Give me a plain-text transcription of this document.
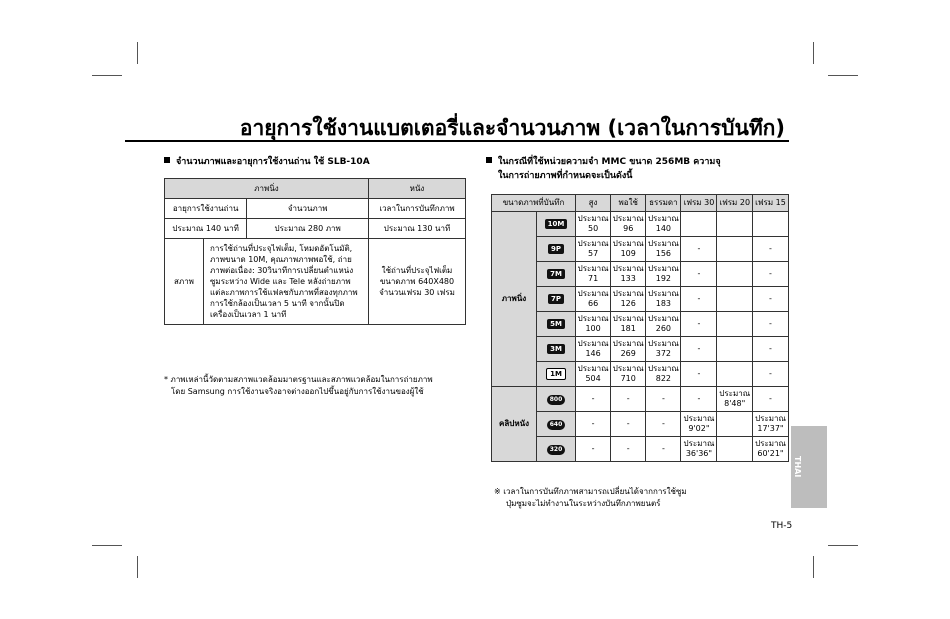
อายุการใช้งานแบตเตอรี่และจำนวนภาพ (เวลาในการบันทึก)
จำนวนภาพและอายุการใช้งานถ่าน ใช้ SLB-10A
ภาพนิ่ง			หนัง
อายุการใช้งานถ่าน		จำนวนภาพ	เวลาในการบันทึกภาพ
ประมาณ 140 นาที		ประมาณ 280 ภาพ	ประมาณ 130 นาที
สภาพ	การใช้ถ่านที่ประจุไฟเต็ม, โหมดอัตโนมัติ, ภาพขนาด 10M, คุณภาพภาพพอใช้, ถ่ายภาพต่อเนื่อง: 30วินาทีการเปลี่ยนตำแหน่งซูมระหว่าง Wide และ Tele หลังถ่ายภาพแต่ละภาพการใช้แฟลชกับภาพที่สองทุกภาพการใช้กล้องเป็นเวลา 5 นาที จากนั้นปิดเครื่องเป็นเวลา 1 นาที		ใช้ถ่านที่ประจุไฟเต็ม ขนาดภาพ 640X480 จำนวนเฟรม 30 เฟรม
* ภาพเหล่านี้วัดตามสภาพแวดล้อมมาตรฐานและสภาพแวดล้อมในการถ่ายภาพ
โดย Samsung การใช้งานจริงอาจต่างออกไปขึ้นอยู่กับการใช้งานของผู้ใช้
ในกรณีที่ใช้หน่วยความจำ MMC ขนาด 256MB ความจุ
ในการถ่ายภาพที่กำหนดจะเป็นดังนี้
ขนาดภาพที่บันทึก		สูง	พอใช้	ธรรมดา	เฟรม 30	เฟรม 20	เฟรม 15
ภาพนิ่ง	10M	ประมาณ 50	ประมาณ 96	ประมาณ 140			
	9P	ประมาณ 57	ประมาณ 109	ประมาณ 156	-		-
	7M	ประมาณ 71	ประมาณ 133	ประมาณ 192	-		-
	7P	ประมาณ 66	ประมาณ 126	ประมาณ 183	-		-
	5M	ประมาณ 100	ประมาณ 181	ประมาณ 260	-		-
	3M	ประมาณ 146	ประมาณ 269	ประมาณ 372	-		-
	1M	ประมาณ 504	ประมาณ 710	ประมาณ 822	-		-
คลิปหนัง	800	-	-	-	-	ประมาณ 8'48"	-
	640	-	-	-	ประมาณ 9'02"		ประมาณ 17'37"
	320	-	-	-	ประมาณ 36'36"		ประมาณ 60'21"
※ เวลาในการบันทึกภาพสามารถเปลี่ยนได้จากการใช้ซูม
ปุ่มซูมจะไม่ทำงานในระหว่างบันทึกภาพยนตร์
THAI
TH-5
